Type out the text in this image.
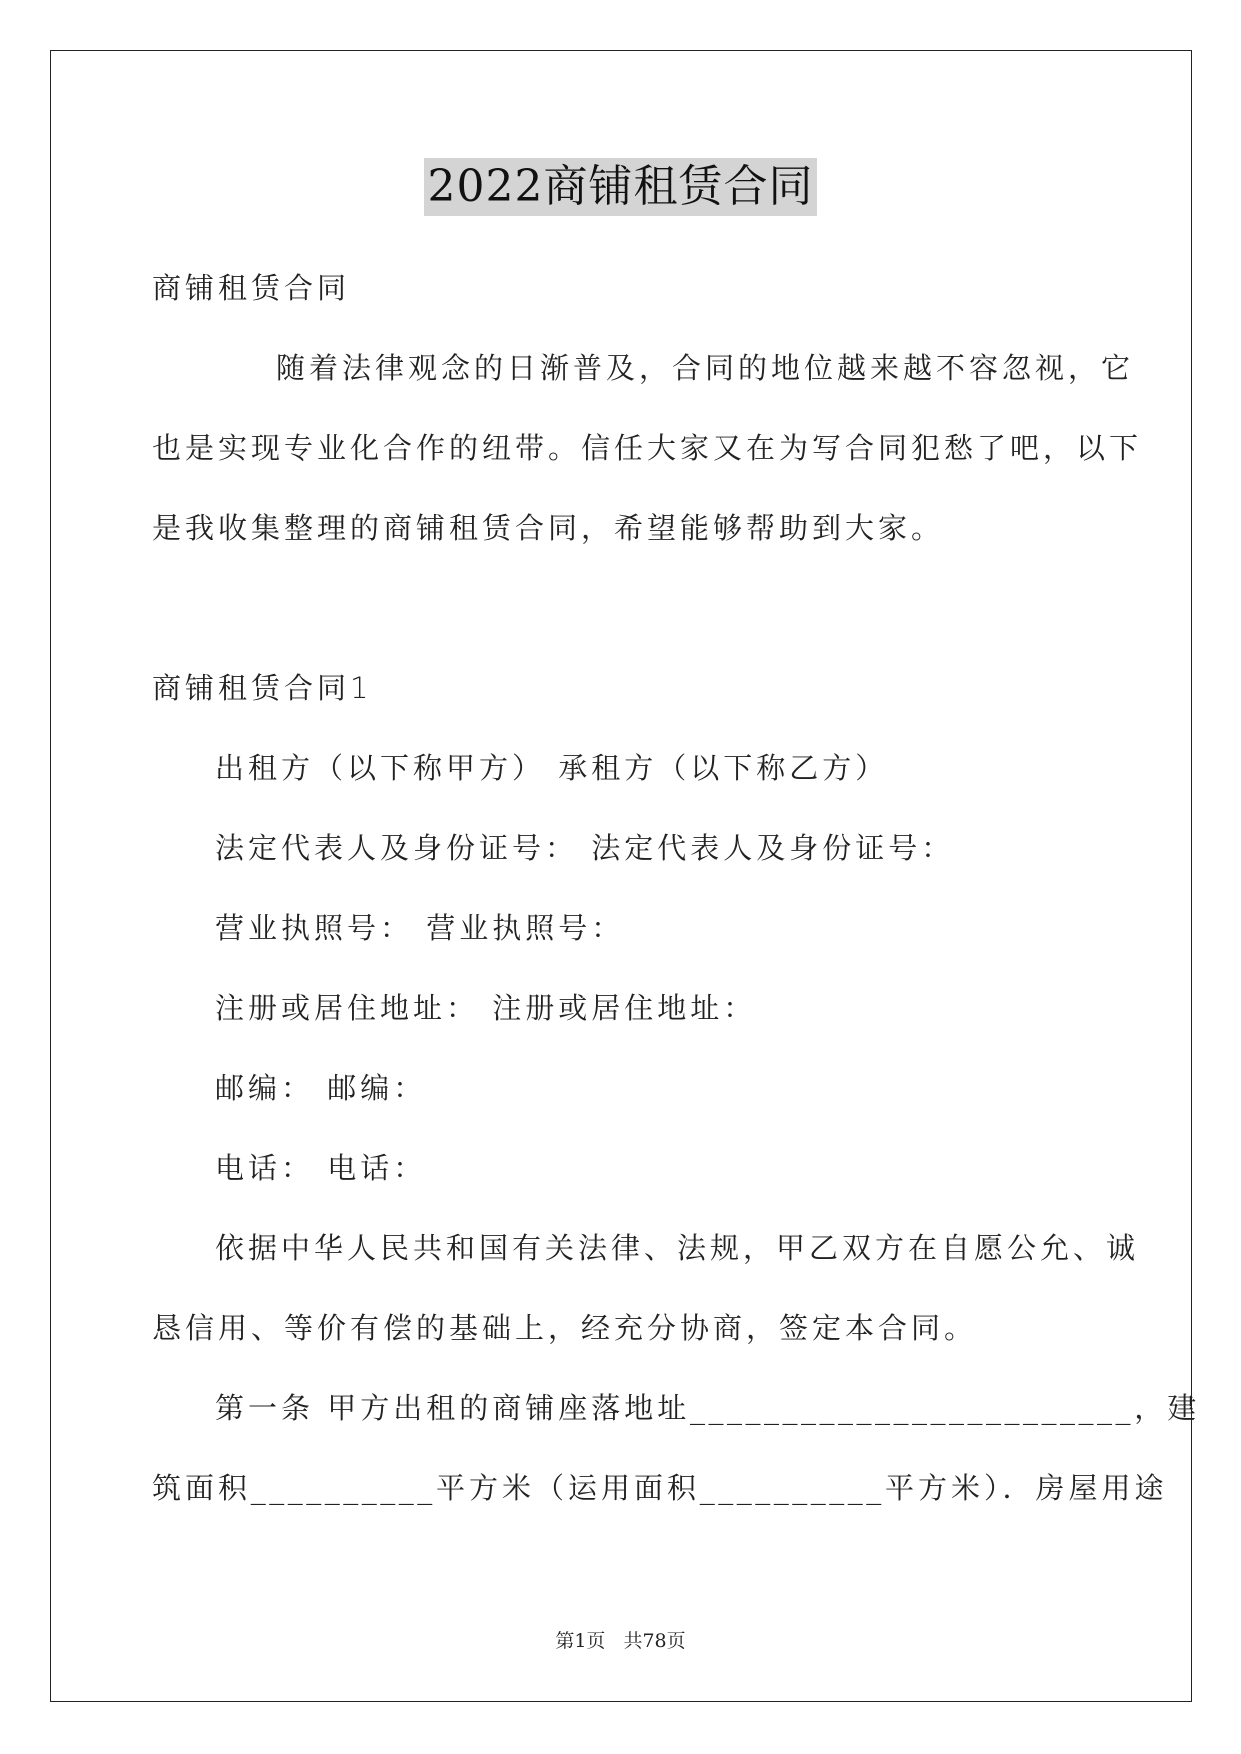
2022商铺租赁合同
商铺租赁合同
随着法律观念的日渐普及，合同的地位越来越不容忽视，它
也是实现专业化合作的纽带。信任大家又在为写合同犯愁了吧，以下
是我收集整理的商铺租赁合同，希望能够帮助到大家。
商铺租赁合同1
出租方（以下称甲方） 承租方（以下称乙方）
法定代表人及身份证号： 法定代表人及身份证号：
营业执照号： 营业执照号：
注册或居住地址： 注册或居住地址：
邮编： 邮编：
电话： 电话：
依据中华人民共和国有关法律、法规，甲乙双方在自愿公允、诚
恳信用、等价有偿的基础上，经充分协商，签定本合同。
第一条 甲方出租的商铺座落地址________________________，建
筑面积__________平方米（运用面积__________平方米）．房屋用途
第1页 共78页
